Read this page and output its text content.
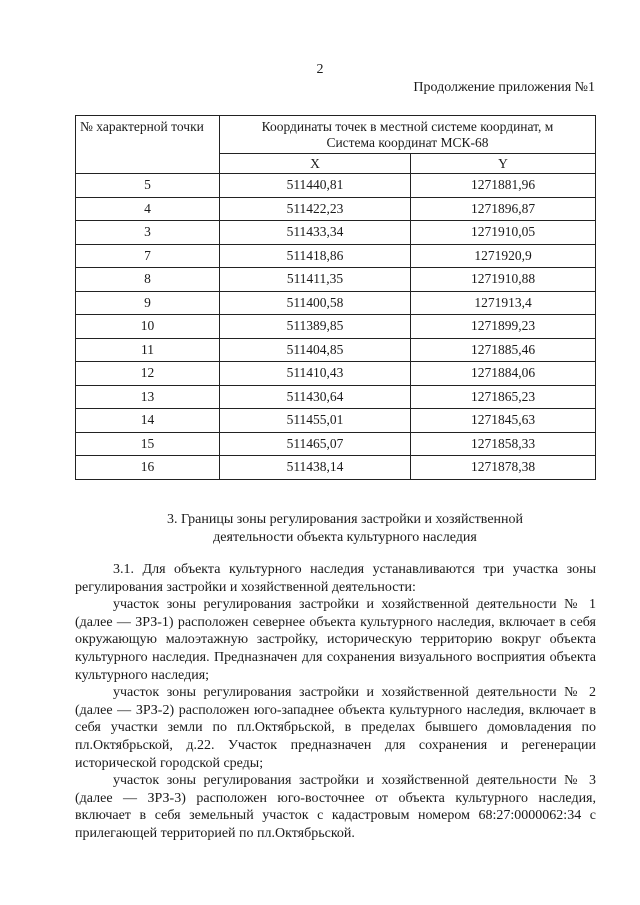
2
Продолжение приложения №1
№ характерной точки	Координаты точек в местной системе координат, м
Система координат МСК-68	

	X	Y
5	511440,81	1271881,96
4	511422,23	1271896,87
3	511433,34	1271910,05
7	511418,86	1271920,9
8	511411,35	1271910,88
9	511400,58	1271913,4
10	511389,85	1271899,23
11	511404,85	1271885,46
12	511410,43	1271884,06
13	511430,64	1271865,23
14	511455,01	1271845,63
15	511465,07	1271858,33
16	511438,14	1271878,38
3. Границы зоны регулирования застройки и хозяйственной
деятельности объекта культурного наследия

3.1. Для объекта культурного наследия устанавливаются три участка зоны регулирования застройки и хозяйственной деятельности:

участок зоны регулирования застройки и хозяйственной деятельности № 1 (далее — ЗРЗ-1) расположен севернее объекта культурного наследия, включает в себя окружающую малоэтажную застройку, историческую территорию вокруг объекта культурного наследия. Предназначен для сохранения визуального восприятия объекта культурного наследия;

участок зоны регулирования застройки и хозяйственной деятельности № 2 (далее — ЗРЗ-2) расположен юго-западнее объекта культурного наследия, включает в себя участки земли по пл.Октябрьской, в пределах бывшего домовладения по пл.Октябрьской, д.22. Участок предназначен для сохранения и регенерации исторической городской среды;

участок зоны регулирования застройки и хозяйственной деятельности № 3 (далее — ЗРЗ-3) расположен юго-восточнее от объекта культурного наследия, включает в себя земельный участок с кадастровым номером 68:27:0000062:34 с прилегающей территорией по пл.Октябрьской.
